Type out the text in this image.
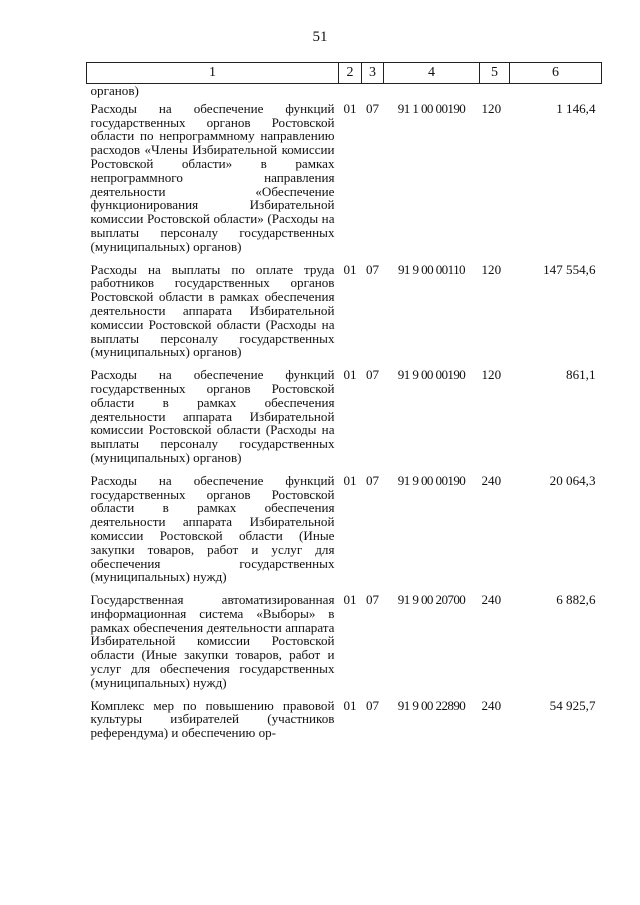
51
1	2	3	4	5	6
органов)					
Расходы на обеспечение функций государственных органов Ростовской области по непрограммному направлению расходов «Члены Избирательной комиссии Ростовской области» в рамках непрограммного направления деятельности «Обеспечение функционирования Избирательной комиссии Ростовской области» (Расходы на выплаты персоналу государственных (муниципальных) органов)	01	07	91 1 00 00190	120	1 146,4
Расходы на выплаты по оплате труда работников государственных органов Ростовской области в рамках обеспечения деятельности аппарата Избирательной комиссии Ростовской области (Расходы на выплаты персоналу государственных (муниципальных) органов)	01	07	91 9 00 00110	120	147 554,6
Расходы на обеспечение функций государственных органов Ростовской области в рамках обеспечения деятельности аппарата Избирательной комиссии Ростовской области (Расходы на выплаты персоналу государственных (муниципальных) органов)	01	07	91 9 00 00190	120	861,1
Расходы на обеспечение функций государственных органов Ростовской области в рамках обеспечения деятельности аппарата Избирательной комиссии Ростовской области (Иные закупки товаров, работ и услуг для обеспечения государственных (муниципальных) нужд)	01	07	91 9 00 00190	240	20 064,3
Государственная автоматизированная информационная система «Выборы» в рамках обеспечения деятельности аппарата Избирательной комиссии Ростовской области (Иные закупки товаров, работ и услуг для обеспечения государственных (муниципальных) нужд)	01	07	91 9 00 20700	240	6 882,6
Комплекс мер по повышению правовой культуры избирателей (участников референдума) и обеспечению ор-	01	07	91 9 00 22890	240	54 925,7
